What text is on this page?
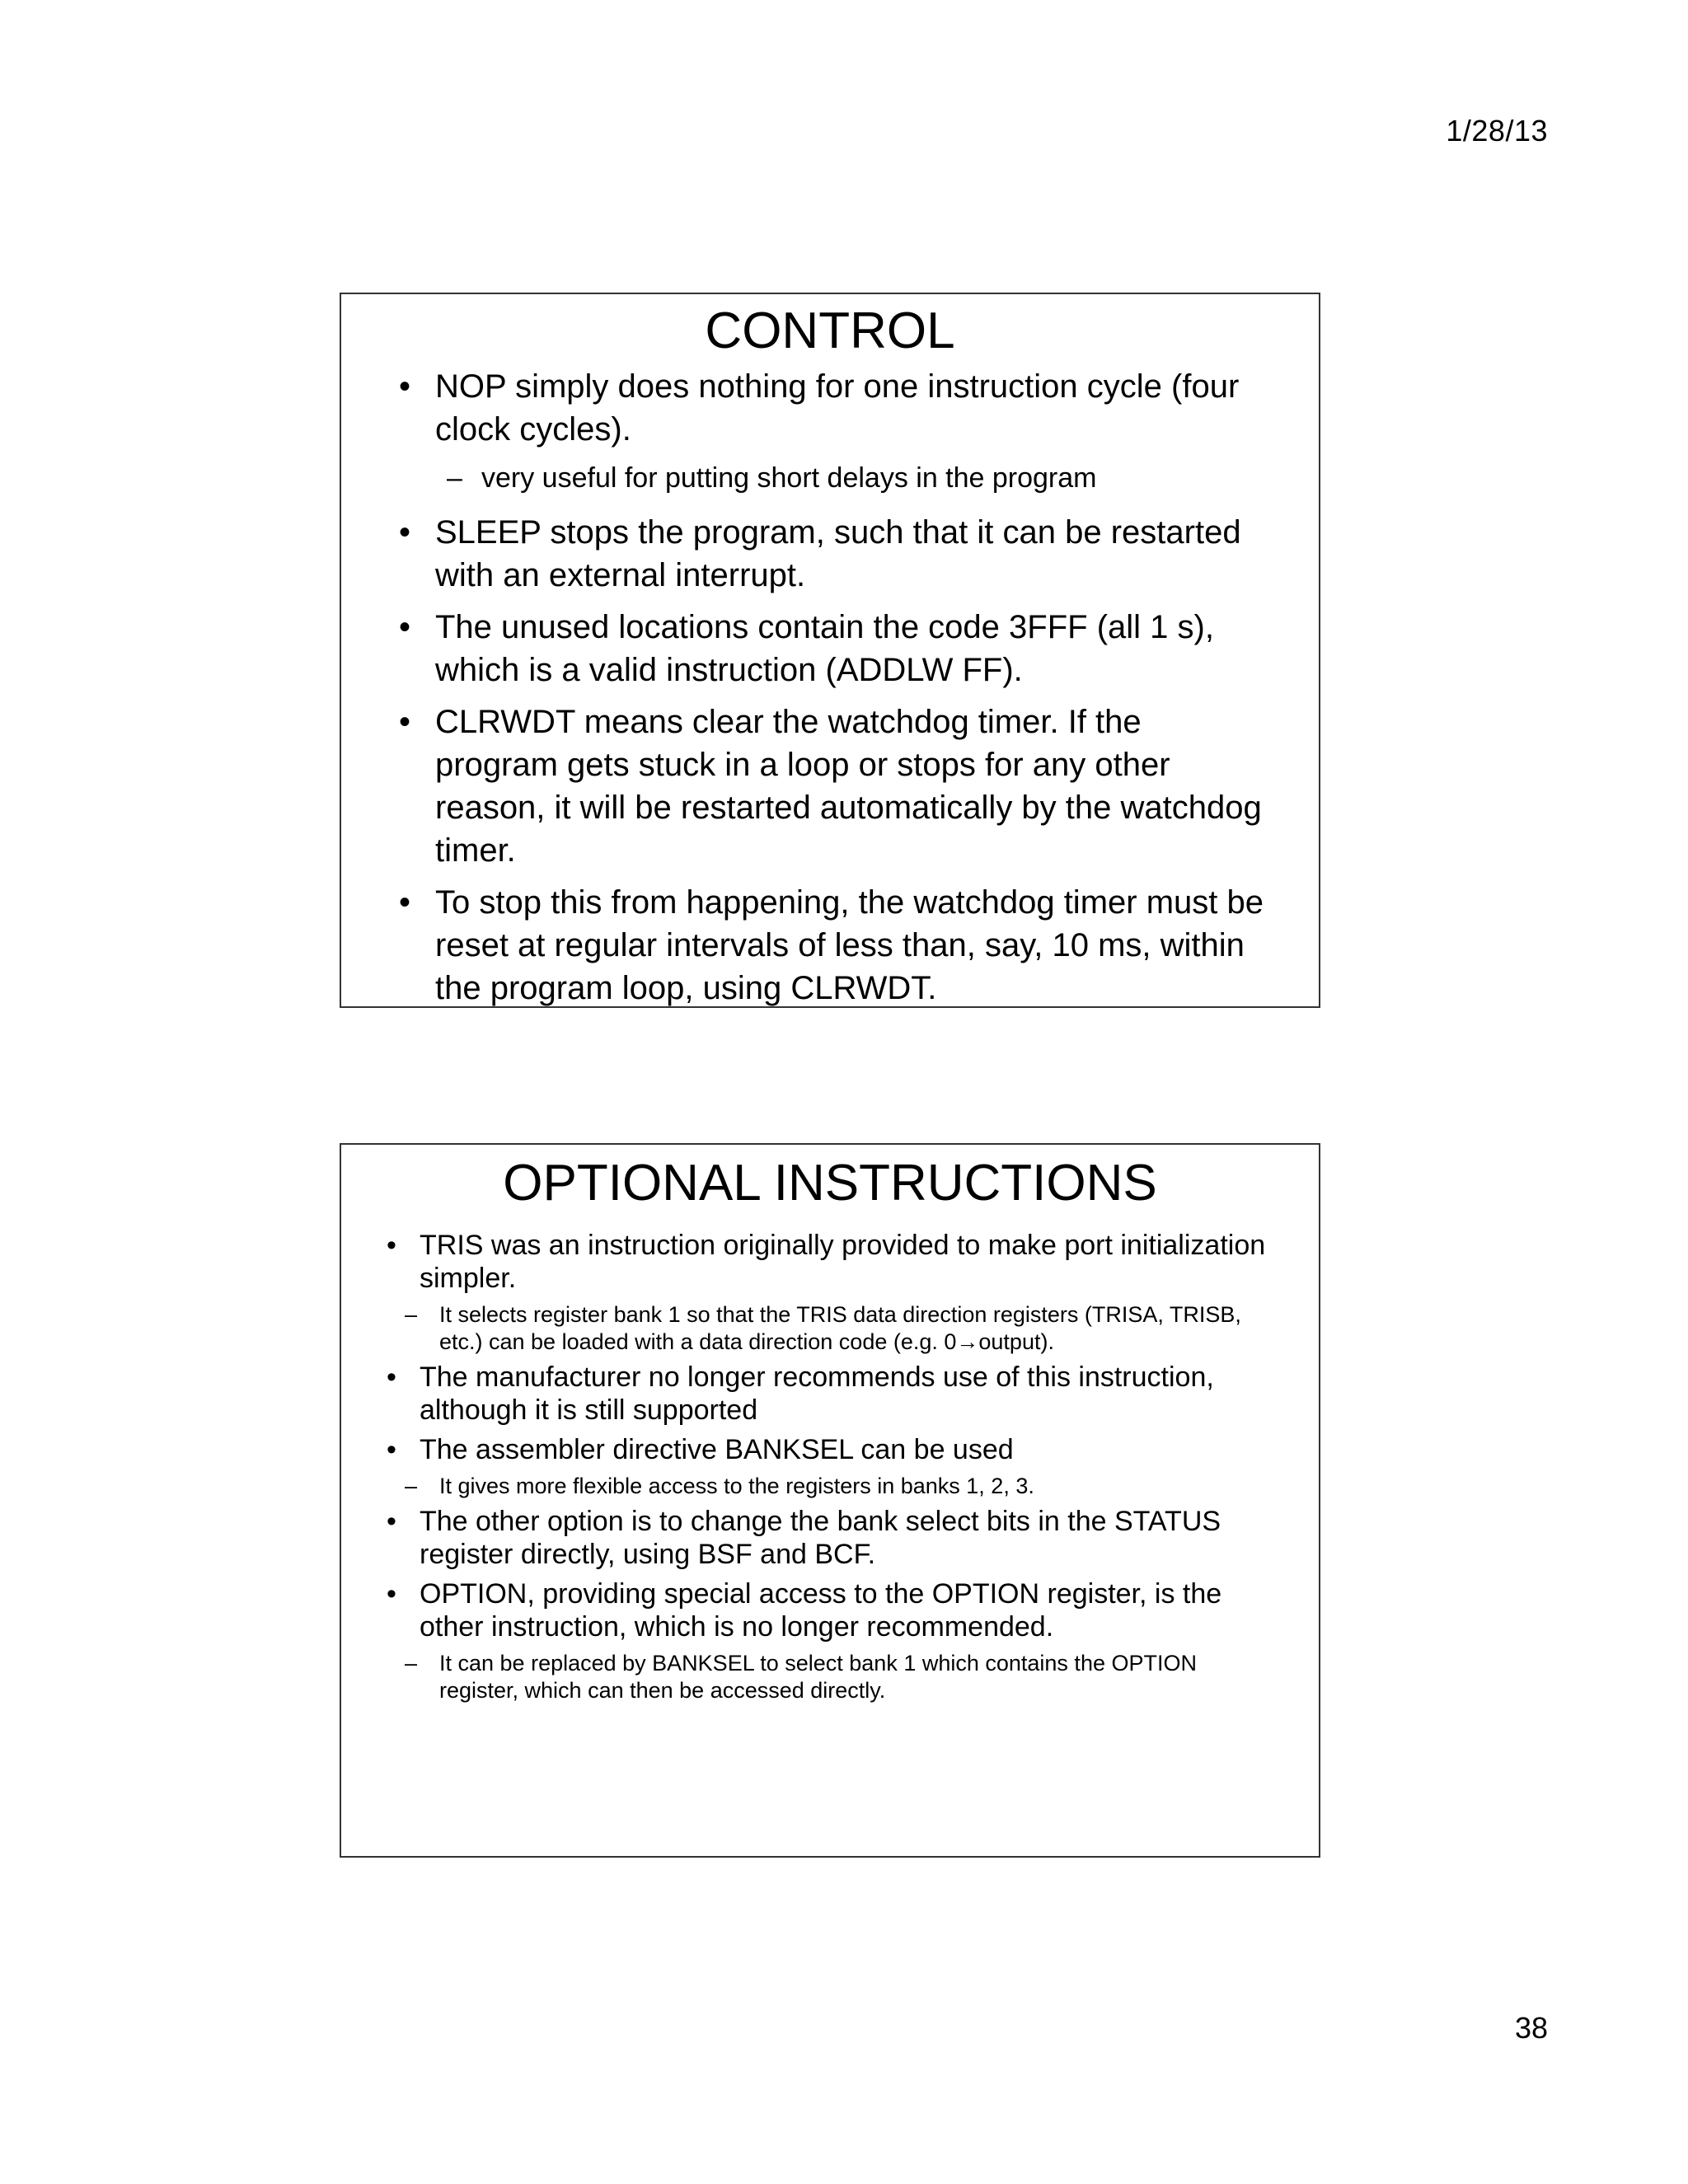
1/28/13
CONTROL
• NOP simply does nothing for one instruction cycle (four clock cycles).
– very useful for putting short delays in the program
• SLEEP stops the program, such that it can be restarted with an external interrupt.
• The unused locations contain the code 3FFF (all 1 s), which is a valid instruction (ADDLW FF).
• CLRWDT means clear the watchdog timer. If the program gets stuck in a loop or stops for any other reason, it will be restarted automatically by the watchdog timer.
• To stop this from happening, the watchdog timer must be reset at regular intervals of less than, say, 10 ms, within the program loop, using CLRWDT.
OPTIONAL INSTRUCTIONS
• TRIS was an instruction originally provided to make port initialization simpler.
– It selects register bank 1 so that the TRIS data direction registers (TRISA, TRISB, etc.) can be loaded with a data direction code (e.g. 0→output).
• The manufacturer no longer recommends use of this instruction, although it is still supported
• The assembler directive BANKSEL can be used
– It gives more flexible access to the registers in banks 1, 2, 3.
• The other option is to change the bank select bits in the STATUS register directly, using BSF and BCF.
• OPTION, providing special access to the OPTION register, is the other instruction, which is no longer recommended.
– It can be replaced by BANKSEL to select bank 1 which contains the OPTION register, which can then be accessed directly.
38
